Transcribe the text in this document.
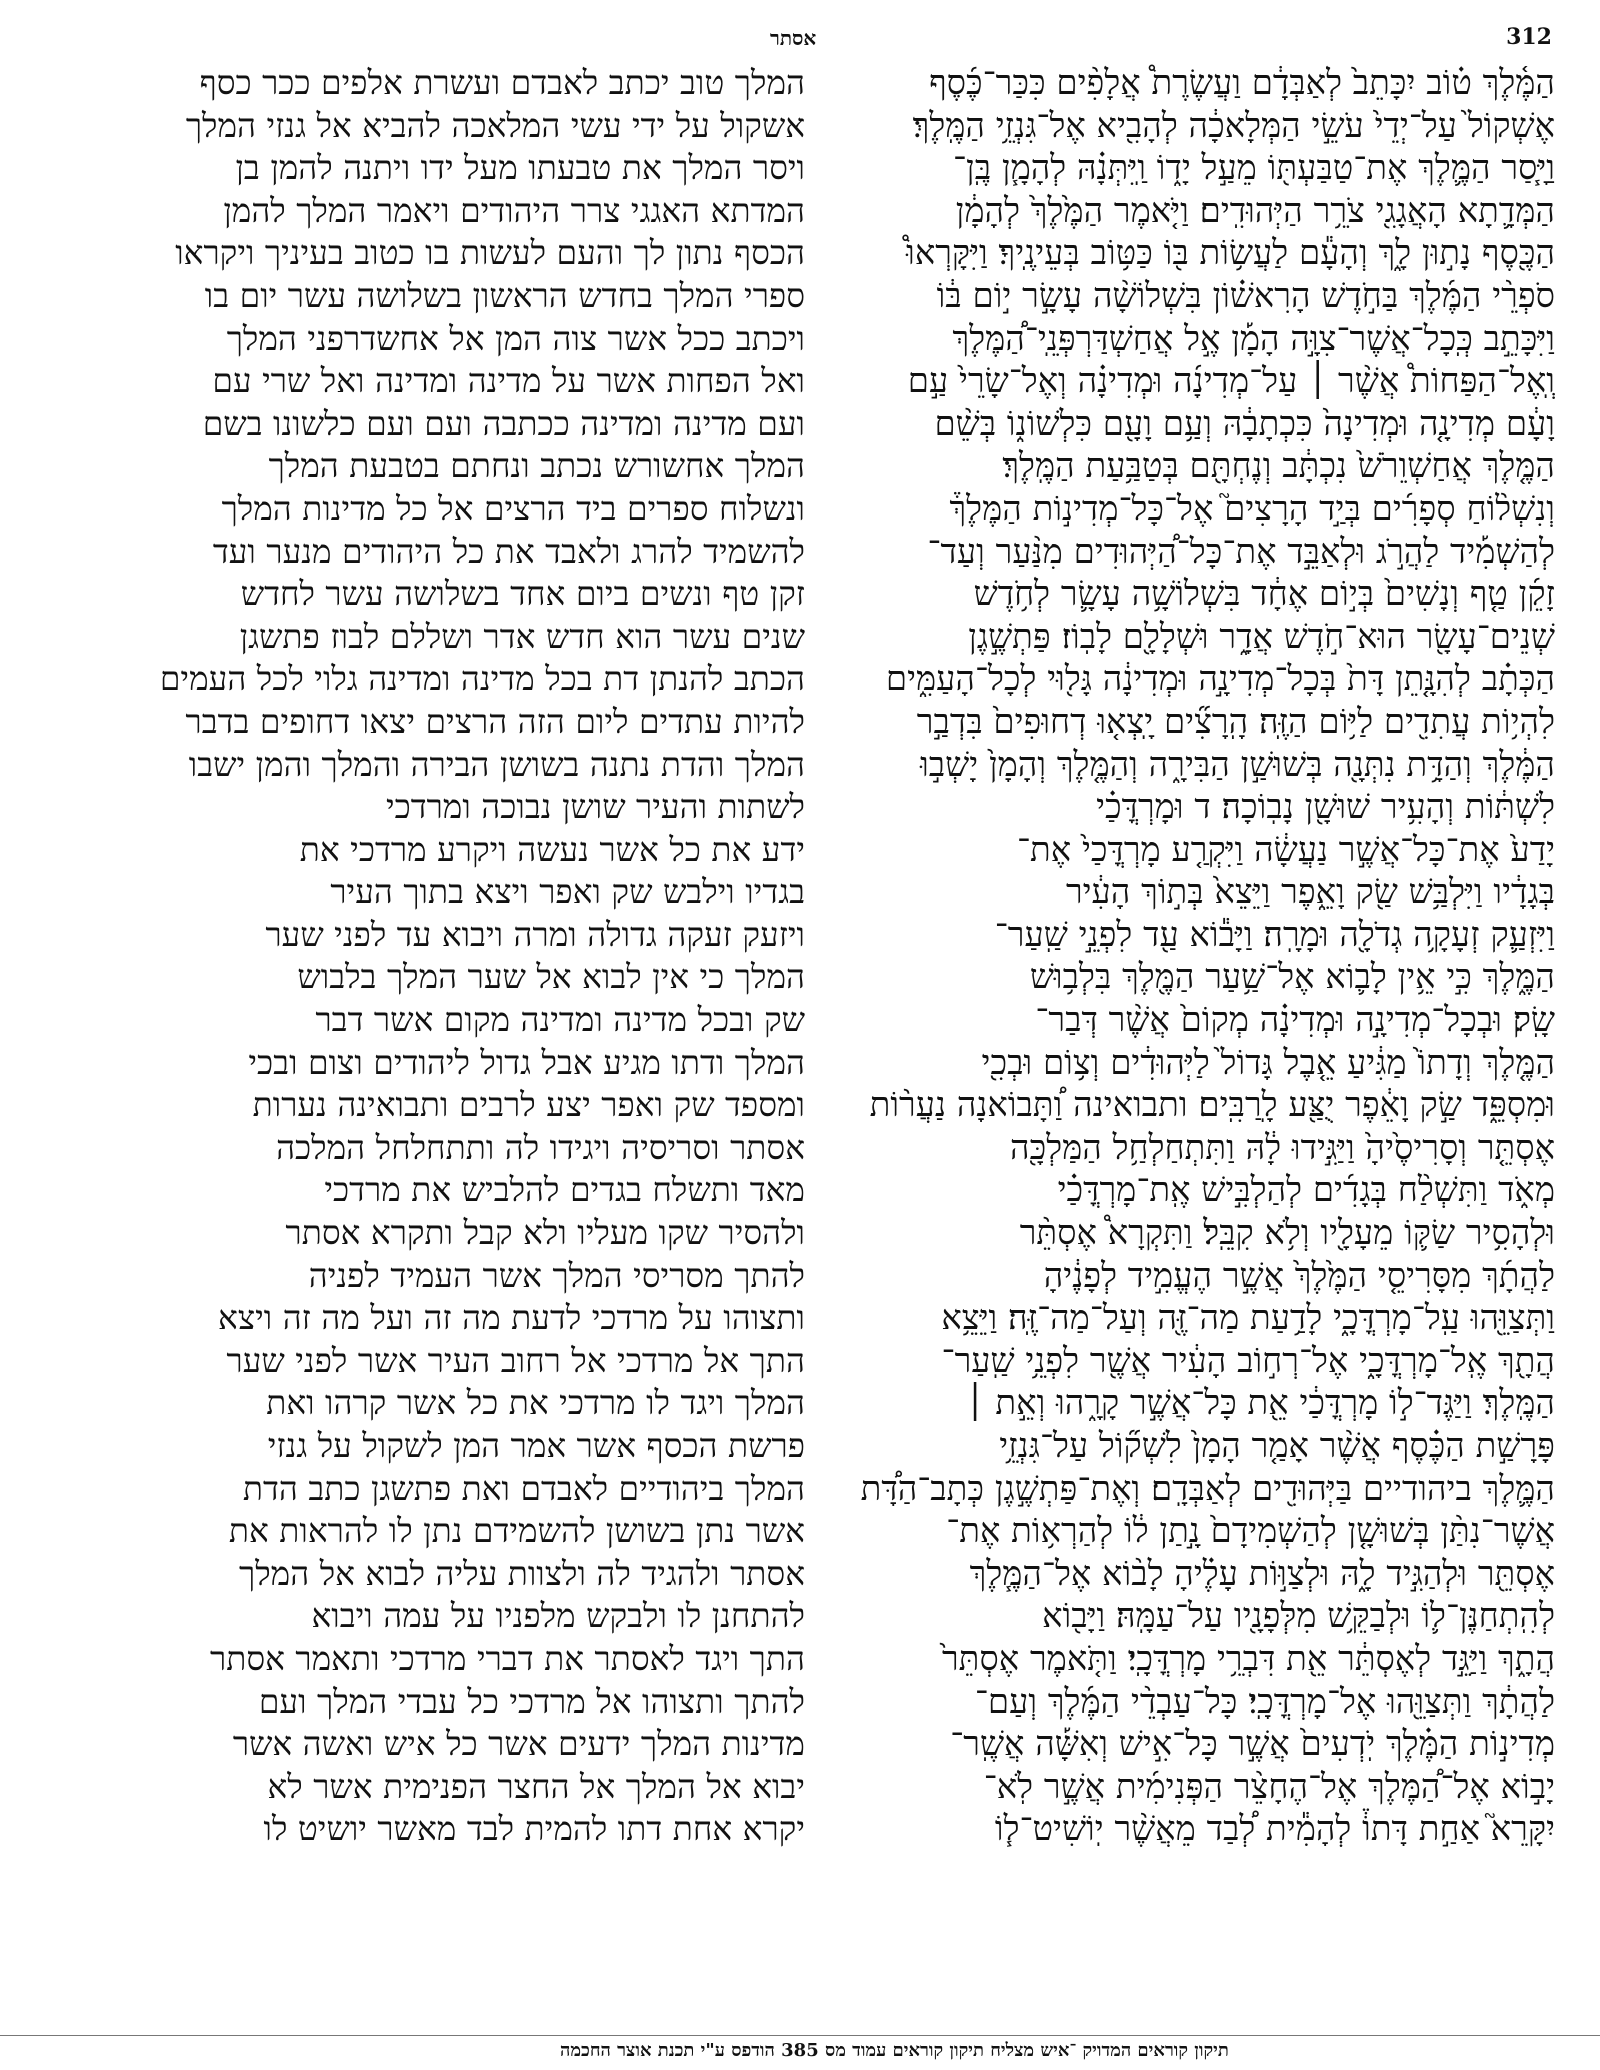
312
אסתר
הַמֶּ֫לֶךְ ט֗וֹב יִכָּתֵב֙ לְאַבְּדָ֔ם וַעֲשֶׂרֶת֩ אֲלָפִ֨ים כִּכַּר־כֶּ֜סֶף
אֶשְׁקוֹל֙ עַל־יְדֵי֙ עֹשֵׂ֣י הַמְּלָאכָ֔ה לְהָבִ֖יא אֶל־גִּנְזֵ֥י הַמֶּֽלֶךְ׃
וַיָּ֧סַר הַמֶּ֛לֶךְ אֶת־טַבַּעְתּ֖וֹ מֵעַ֣ל יָד֑וֹ וַֽיִּתְּנָ֗הּ לְהָמָ֧ן בֶּֽן־
הַמְּדָ֛תָא הָאֲגָגִ֖י צֹרֵ֥ר הַיְּהוּדִֽים׃ וַיֹּ֤אמֶר הַמֶּ֙לֶךְ֙ לְהָמָ֔ן
הַכֶּ֖סֶף נָת֣וּן לָ֑ךְ וְהָעָ֕ם לַעֲשׂ֥וֹת בּ֖וֹ כַּטּ֥וֹב בְּעֵינֶֽיךָ׃ וַיִּקָּרְאוּ֩
סֹפְרֵ֨י הַמֶּ֜לֶךְ בַּחֹ֣דֶשׁ הָרִאשׁ֗וֹן בִּשְׁלוֹשָׁ֨ה עָשָׂ֣ר י֣וֹם בּ֔וֹ
וַיִּכָּתֵ֣ב כְּֽכָל־אֲשֶׁר־צִוָּ֣ה הָמָ֡ן אֶ֣ל אֲחַשְׁדַּרְפְּנֵֽי־הַ֠מֶּלֶךְ
וְֽאֶל־הַפַּחוֹת֩ אֲשֶׁ֨ר ׀ עַל־מְדִינָ֜ה וּמְדִינָ֗ה וְאֶל־שָׂרֵי֙ עַ֣ם
וָעָ֔ם מְדִינָ֤ה וּמְדִינָה֙ כִּכְתָבָ֔הּ וְעַ֥ם וָעָ֖ם כִּלְשׁוֹנ֑וֹ בְּשֵׁ֨ם
הַמֶּ֤לֶךְ אֲחַשְׁוֵרֹשׁ֙ נִכְתָּ֔ב וְנֶחְתָּ֖ם בְּטַבַּ֥עַת הַמֶּֽלֶךְ׃
וְנִשְׁל֨וֹחַ סְפָרִ֜ים בְּיַ֣ד הָרָצִים֮ אֶל־כָּל־מְדִינ֣וֹת הַמֶּלֶךְ֒
לְהַשְׁמִ֡יד לַהֲרֹ֣ג וּלְאַבֵּ֣ד אֶת־כָּל־הַ֠יְּהוּדִים מִנַּ֨עַר וְעַד־
זָקֵ֜ן טַ֤ף וְנָשִׁים֙ בְּי֣וֹם אֶחָ֔ד בִּשְׁלוֹשָׁ֥ה עָשָׂ֛ר לְחֹ֥דֶשׁ
שְׁנֵים־עָשָׂ֖ר הוּא־חֹ֣דֶשׁ אֲדָ֑ר וּשְׁלָלָ֖ם לָבֽוֹז׃ פַּתְשֶׁ֣גֶן
הַכְּתָ֗ב לְהִנָּ֤תֵן דָּת֙ בְּכָל־מְדִינָ֣ה וּמְדִינָ֔ה גָּל֖וּי לְכָל־הָעַמִּ֑ים
לִהְי֥וֹת עֲתִדִ֖ים לַיּ֥וֹם הַזֶּֽה׃ הָֽרָצִ֞ים יָֽצְא֤וּ דְחוּפִים֙ בִּדְבַ֣ר
הַמֶּ֔לֶךְ וְהַדָּ֥ת נִתְּנָ֖ה בְּשׁוּשַׁ֣ן הַבִּירָ֑ה וְהַמֶּ֤לֶךְ וְהָמָן֙ יָשְׁב֣וּ
לִשְׁתּ֔וֹת וְהָעִ֥יר שׁוּשָׁ֖ן נָבֽוֹכָה׃ ד וּמָרְדֳּכַ֗י
יָדַע֙ אֶת־כָּל־אֲשֶׁ֣ר נַעֲשָׂ֔ה וַיִּקְרַ֤ע מָרְדֳּכַי֙ אֶת־
בְּגָדָ֔יו וַיִּלְבַּ֥שׁ שַׂ֖ק וָאֵ֑פֶר וַיֵּצֵא֙ בְּת֣וֹךְ הָעִ֔יר
וַיִּזְעַ֛ק זְעָקָ֥ה גְדֹלָ֖ה וּמָרָֽה׃ וַיָּב֕וֹא עַ֖ד לִפְנֵ֣י שַֽׁעַר־
הַמֶּ֑לֶךְ כִּ֣י אֵ֥ין לָב֛וֹא אֶל־שַׁ֥עַר הַמֶּ֖לֶךְ בִּלְב֥וּשׁ
שָֽׂק׃ וּבְכָל־מְדִינָ֣ה וּמְדִינָ֗ה מְקוֹם֙ אֲשֶׁ֨ר דְּבַר־
הַמֶּ֤לֶךְ וְדָתוֹ֙ מַגִּ֔יעַ אֵ֤בֶל גָּדוֹל֙ לַיְּהוּדִ֔ים וְצ֥וֹם וּבְכִ֖י
וּמִסְפֵּ֑ד שַׂ֣ק וָאֵ֔פֶר יֻצַּ֖ע לָֽרַבִּֽים׃ ותבואינה וַ֠תָּבוֹאנָה נַעֲר֨וֹת
אֶסְתֵּ֤ר וְסָרִיסֶ֙יהָ֙ וַיַּגִּ֣ידוּ לָ֔הּ וַתִּתְחַלְחַ֥ל הַמַּלְכָּ֖ה
מְאֹ֑ד וַתִּשְׁלַ֨ח בְּגָדִ֜ים לְהַלְבִּ֣ישׁ אֶֽת־מָרְדֳּכַ֗י
וּלְהָסִ֥יר שַׂקּ֛וֹ מֵעָלָ֖יו וְלֹ֥א קִבֵּֽל׃ וַתִּקְרָא֩ אֶסְתֵּ֨ר
לַהֲתָ֜ךְ מִסָּרִיסֵ֤י הַמֶּ֙לֶךְ֙ אֲשֶׁ֣ר הֶעֱמִ֣יד לְפָנֶ֔יהָ
וַתְּצַוֵּ֖הוּ עַֽל־מָרְדֳּכָ֑י לָדַ֥עַת מַה־זֶּ֖ה וְעַל־מַה־זֶּֽה׃ וַיֵּצֵ֥א
הֲתָ֖ךְ אֶֽל־מָרְדֳּכָ֑י אֶל־רְח֣וֹב הָעִ֔יר אֲשֶׁ֖ר לִפְנֵ֥י שַֽׁעַר־
הַמֶּֽלֶךְ׃ וַיַּגֶּד־ל֣וֹ מָרְדֳּכַ֔י אֵ֖ת כָּל־אֲשֶׁ֣ר קָרָ֑הוּ וְאֵ֣ת ׀
פָּרָשַׁ֣ת הַכֶּ֗סֶף אֲשֶׁ֨ר אָמַ֤ר הָמָן֙ לִשְׁק֞וֹל עַל־גִּנְזֵ֥י
הַמֶּ֛לֶךְ ביהודיים בַּיְּהוּדִ֖ים לְאַבְּדָֽם׃ וְאֶת־פַּתְשֶׁ֣גֶן כְּתָב־הַדָּ֠ת
אֲשֶׁר־נִתַּ֨ן בְּשׁוּשָׁ֤ן לְהַשְׁמִידָם֙ נָ֣תַן ל֔וֹ לְהַרְא֥וֹת אֶת־
אֶסְתֵּ֖ר וּלְהַגִּ֣יד לָ֑הּ וּלְצַוּ֣וֹת עָלֶ֗יהָ לָב֨וֹא אֶל־הַמֶּ֧לֶךְ
לְהִֽתְחַנֶּן־ל֛וֹ וּלְבַקֵּ֥שׁ מִלְּפָנָ֖יו עַל־עַמָּֽהּ׃ וַיָּב֖וֹא
הֲתָ֑ךְ וַיַּגֵּ֣ד לְאֶסְתֵּ֔ר אֵ֖ת דִּבְרֵ֥י מָרְדֳּכָֽי׃ וַתֹּ֤אמֶר אֶסְתֵּר֙
לַהֲתָ֔ךְ וַתְּצַוֵּ֖הוּ אֶל־מָרְדֳּכָֽי׃ כָּל־עַבְדֵ֨י הַמֶּ֜לֶךְ וְעַם־
מְדִינ֣וֹת הַמֶּ֗לֶךְ יֹֽדְעִים֙ אֲשֶׁ֣ר כָּל־אִ֣ישׁ וְאִשָּׁ֡ה אֲשֶֽׁר־
יָב֣וֹא אֶל־הַ֠מֶּלֶךְ אֶל־הֶחָצֵ֨ר הַפְּנִימִ֜ית אֲשֶׁ֣ר לֹֽא־
יִקָּרֵא֮ אַחַ֣ת דָּתוֹ֒ לְהָמִ֕ית לְ֠בַד מֵאֲשֶׁ֨ר יֽוֹשִׁיט־ל֧וֹ
המלך טוב יכתב לאבדם ועשרת אלפים ככר כסף
אשקול על ידי עשי המלאכה להביא אל גנזי המלך
ויסר המלך את טבעתו מעל ידו ויתנה להמן בן
המדתא האגגי צרר היהודים ויאמר המלך להמן
הכסף נתון לך והעם לעשות בו כטוב בעיניך ויקראו
ספרי המלך בחדש הראשון בשלושה עשר יום בו
ויכתב ככל אשר צוה המן אל אחשדרפני המלך
ואל הפחות אשר על מדינה ומדינה ואל שרי עם
ועם מדינה ומדינה ככתבה ועם ועם כלשונו בשם
המלך אחשורש נכתב ונחתם בטבעת המלך
ונשלוח ספרים ביד הרצים אל כל מדינות המלך
להשמיד להרג ולאבד את כל היהודים מנער ועד
זקן טף ונשים ביום אחד בשלושה עשר לחדש
שנים עשר הוא חדש אדר ושללם לבוז פתשגן
הכתב להנתן דת בכל מדינה ומדינה גלוי לכל העמים
להיות עתדים ליום הזה הרצים יצאו דחופים בדבר
המלך והדת נתנה בשושן הבירה והמלך והמן ישבו
לשתות והעיר שושן נבוכה ומרדכי
ידע את כל אשר נעשה ויקרע מרדכי את
בגדיו וילבש שק ואפר ויצא בתוך העיר
ויזעק זעקה גדולה ומרה ויבוא עד לפני שער
המלך כי אין לבוא אל שער המלך בלבוש
שק ובכל מדינה ומדינה מקום אשר דבר
המלך ודתו מגיע אבל גדול ליהודים וצום ובכי
ומספד שק ואפר יצע לרבים ותבואינה נערות
אסתר וסריסיה ויגידו לה ותתחלחל המלכה
מאד ותשלח בגדים להלביש את מרדכי
ולהסיר שקו מעליו ולא קבל ותקרא אסתר
להתך מסריסי המלך אשר העמיד לפניה
ותצוהו על מרדכי לדעת מה זה ועל מה זה ויצא
התך אל מרדכי אל רחוב העיר אשר לפני שער
המלך ויגד לו מרדכי את כל אשר קרהו ואת
פרשת הכסף אשר אמר המן לשקול על גנזי
המלך ביהודיים לאבדם ואת פתשגן כתב הדת
אשר נתן בשושן להשמידם נתן לו להראות את
אסתר ולהגיד לה ולצוות עליה לבוא אל המלך
להתחנן לו ולבקש מלפניו על עמה ויבוא
התך ויגד לאסתר את דברי מרדכי ותאמר אסתר
להתך ותצוהו אל מרדכי כל עבדי המלך ועם
מדינות המלך ידעים אשר כל איש ואשה אשר
יבוא אל המלך אל החצר הפנימית אשר לא
יקרא אחת דתו להמית לבד מאשר יושיט לו
תיקון קוראים המדויק ־איש מצליח תיקון קוראים עמוד מס 385 הודפס ע"י תכנת אוצר החכמה
